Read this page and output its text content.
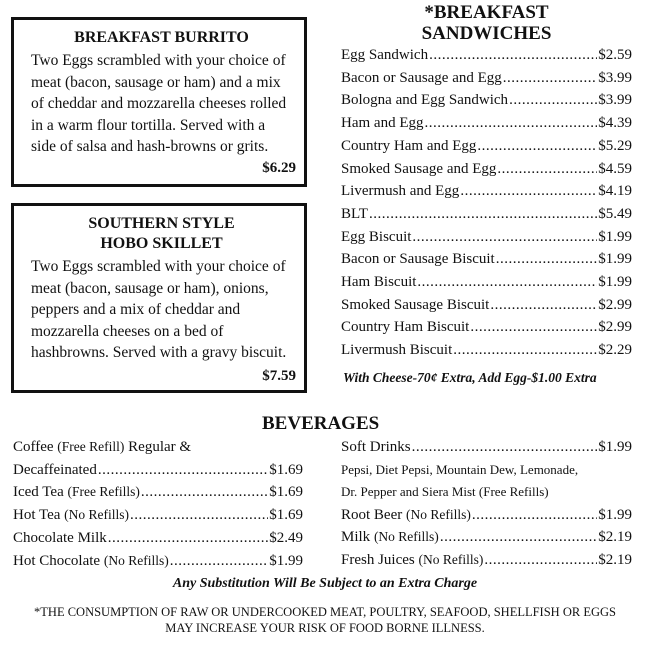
BREAKFAST BURRITO
Two Eggs scrambled with your choice of meat (bacon, sausage or ham) and a mix of cheddar and mozzarella cheeses rolled in a warm flour tortilla. Served with a side of salsa and hash-browns or grits.
$6.29
SOUTHERN STYLE
HOBO SKILLET
Two Eggs scrambled with your choice of meat (bacon, sausage or ham), onions, peppers and a mix of cheddar and mozzarella cheeses on a bed of hashbrowns. Served with a gravy biscuit.
$7.59
*BREAKFAST
SANDWICHES
Egg Sandwich .....	$2.59
Bacon or Sausage and Egg .....	$3.99
Bologna and Egg Sandwich .....	$3.99
Ham and Egg .....	$4.39
Country Ham and Egg .....	$5.29
Smoked Sausage and Egg .....	$4.59
Livermush and Egg .....	$4.19
BLT .....	$5.49
Egg Biscuit .....	$1.99
Bacon or Sausage Biscuit .....	$1.99
Ham Biscuit .....	$1.99
Smoked Sausage Biscuit .....	$2.99
Country Ham Biscuit .....	$2.99
Livermush Biscuit .....	$2.29
With Cheese-70¢ Extra, Add Egg-$1.00 Extra
BEVERAGES
Coffee (Free Refill) Regular &
Decaffeinated .....	$1.69
Iced Tea (Free Refills) .....	$1.69
Hot Tea (No Refills) .....	$1.69
Chocolate Milk .....	$2.49
Hot Chocolate (No Refills) .....	$1.99
Soft Drinks .....	$1.99
Pepsi, Diet Pepsi, Mountain Dew, Lemonade,
Dr. Pepper and Siera Mist (Free Refills)
Root Beer (No Refills) .....	$1.99
Milk (No Refills) .....	$2.19
Fresh Juices (No Refills) .....	$2.19
Any Substitution Will Be Subject to an Extra Charge
*THE CONSUMPTION OF RAW OR UNDERCOOKED MEAT, POULTRY, SEAFOOD, SHELLFISH OR EGGS
MAY INCREASE YOUR RISK OF FOOD BORNE ILLNESS.
